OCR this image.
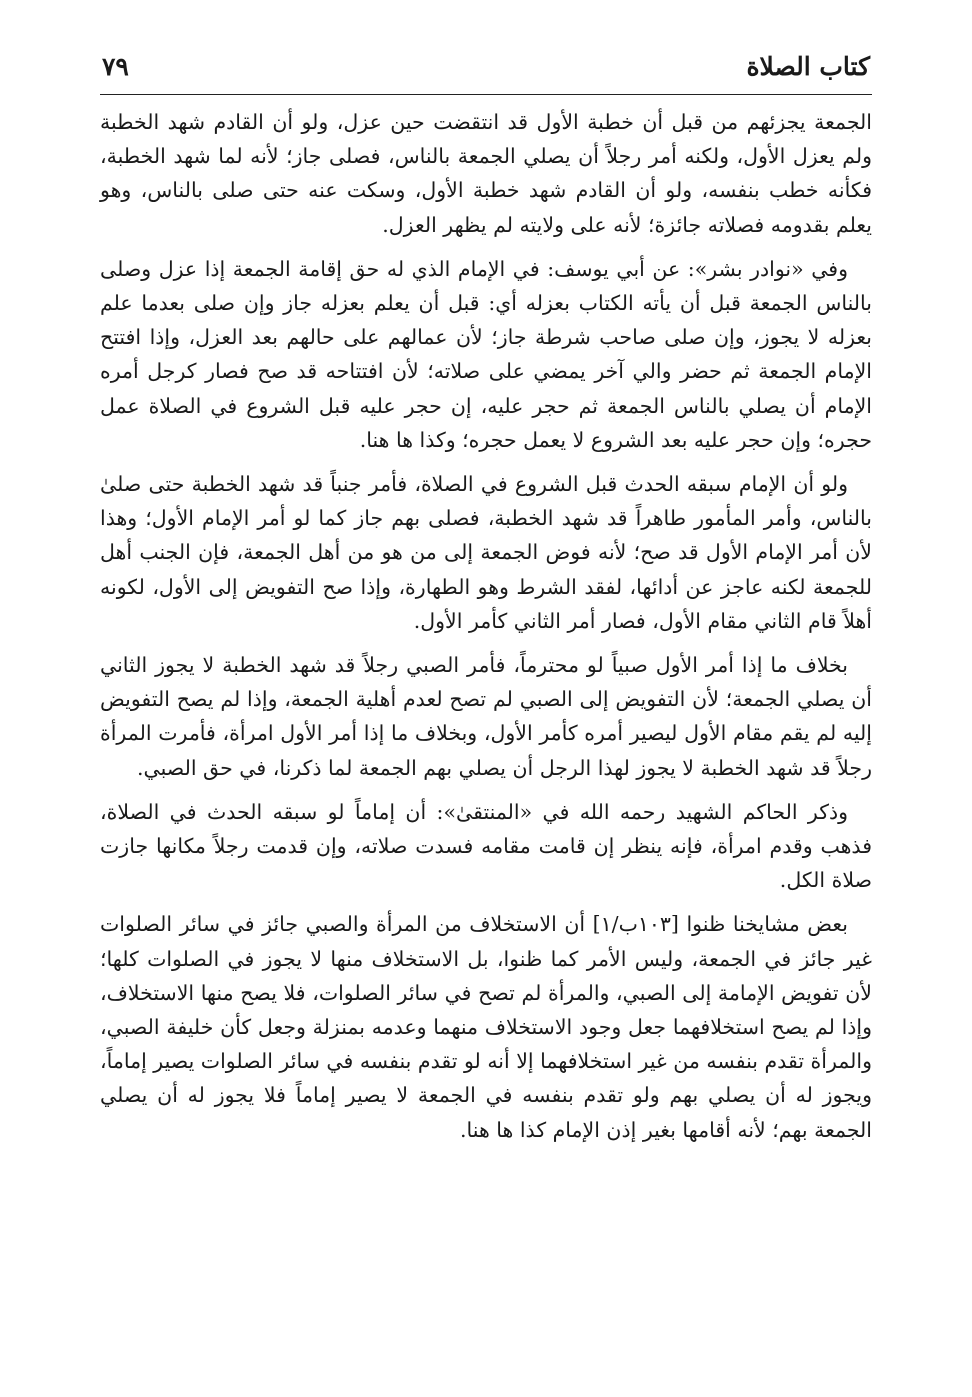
كتاب الصلاة
٧٩

الجمعة يجزئهم من قبل أن خطبة الأول قد انتقضت حين عزل، ولو أن القادم شهد الخطبة ولم يعزل الأول، ولكنه أمر رجلاً أن يصلي الجمعة بالناس، فصلى جاز؛ لأنه لما شهد الخطبة، فكأنه خطب بنفسه، ولو أن القادم شهد خطبة الأول، وسكت عنه حتى صلى بالناس، وهو يعلم بقدومه فصلاته جائزة؛ لأنه على ولايته لم يظهر العزل.

وفي «نوادر بشر»: عن أبي يوسف: في الإمام الذي له حق إقامة الجمعة إذا عزل وصلى بالناس الجمعة قبل أن يأته الكتاب بعزله أي: قبل أن يعلم بعزله جاز وإن صلى بعدما علم بعزله لا يجوز، وإن صلى صاحب شرطة جاز؛ لأن عمالهم على حالهم بعد العزل، وإذا افتتح الإمام الجمعة ثم حضر والي آخر يمضي على صلاته؛ لأن افتتاحه قد صح فصار كرجل أمره الإمام أن يصلي بالناس الجمعة ثم حجر عليه، إن حجر عليه قبل الشروع في الصلاة عمل حجره؛ وإن حجر عليه بعد الشروع لا يعمل حجره؛ وكذا ها هنا.

ولو أن الإمام سبقه الحدث قبل الشروع في الصلاة، فأمر جنباً قد شهد الخطبة حتى صلىٰ بالناس، وأمر المأمور طاهراً قد شهد الخطبة، فصلى بهم جاز كما لو أمر الإمام الأول؛ وهذا لأن أمر الإمام الأول قد صح؛ لأنه فوض الجمعة إلى من هو من أهل الجمعة، فإن الجنب أهل للجمعة لكنه عاجز عن أدائها، لفقد الشرط وهو الطهارة، وإذا صح التفويض إلى الأول، لكونه أهلاً قام الثاني مقام الأول، فصار أمر الثاني كأمر الأول.

بخلاف ما إذا أمر الأول صبياً لو محترماً، فأمر الصبي رجلاً قد شهد الخطبة لا يجوز الثاني أن يصلي الجمعة؛ لأن التفويض إلى الصبي لم تصح لعدم أهلية الجمعة، وإذا لم يصح التفويض إليه لم يقم مقام الأول ليصير أمره كأمر الأول، وبخلاف ما إذا أمر الأول امرأة، فأمرت المرأة رجلاً قد شهد الخطبة لا يجوز لهذا الرجل أن يصلي بهم الجمعة لما ذكرنا، في حق الصبي.

وذكر الحاكم الشهيد رحمه الله في «المنتقىٰ»: أن إماماً لو سبقه الحدث في الصلاة، فذهب وقدم امرأة، فإنه ينظر إن قامت مقامه فسدت صلاته، وإن قدمت رجلاً مكانها جازت صلاة الكل.

بعض مشايخنا ظنوا [١٠٣ب/١] أن الاستخلاف من المرأة والصبي جائز في سائر الصلوات غير جائز في الجمعة، وليس الأمر كما ظنوا، بل الاستخلاف منها لا يجوز في الصلوات كلها؛ لأن تفويض الإمامة إلى الصبي، والمرأة لم تصح في سائر الصلوات، فلا يصح منها الاستخلاف، وإذا لم يصح استخلافهما جعل وجود الاستخلاف منهما وعدمه بمنزلة وجعل كأن خليفة الصبي، والمرأة تقدم بنفسه من غير استخلافهما إلا أنه لو تقدم بنفسه في سائر الصلوات يصير إماماً، ويجوز له أن يصلي بهم ولو تقدم بنفسه في الجمعة لا يصير إماماً فلا يجوز له أن يصلي الجمعة بهم؛ لأنه أقامها بغير إذن الإمام كذا ها هنا.
